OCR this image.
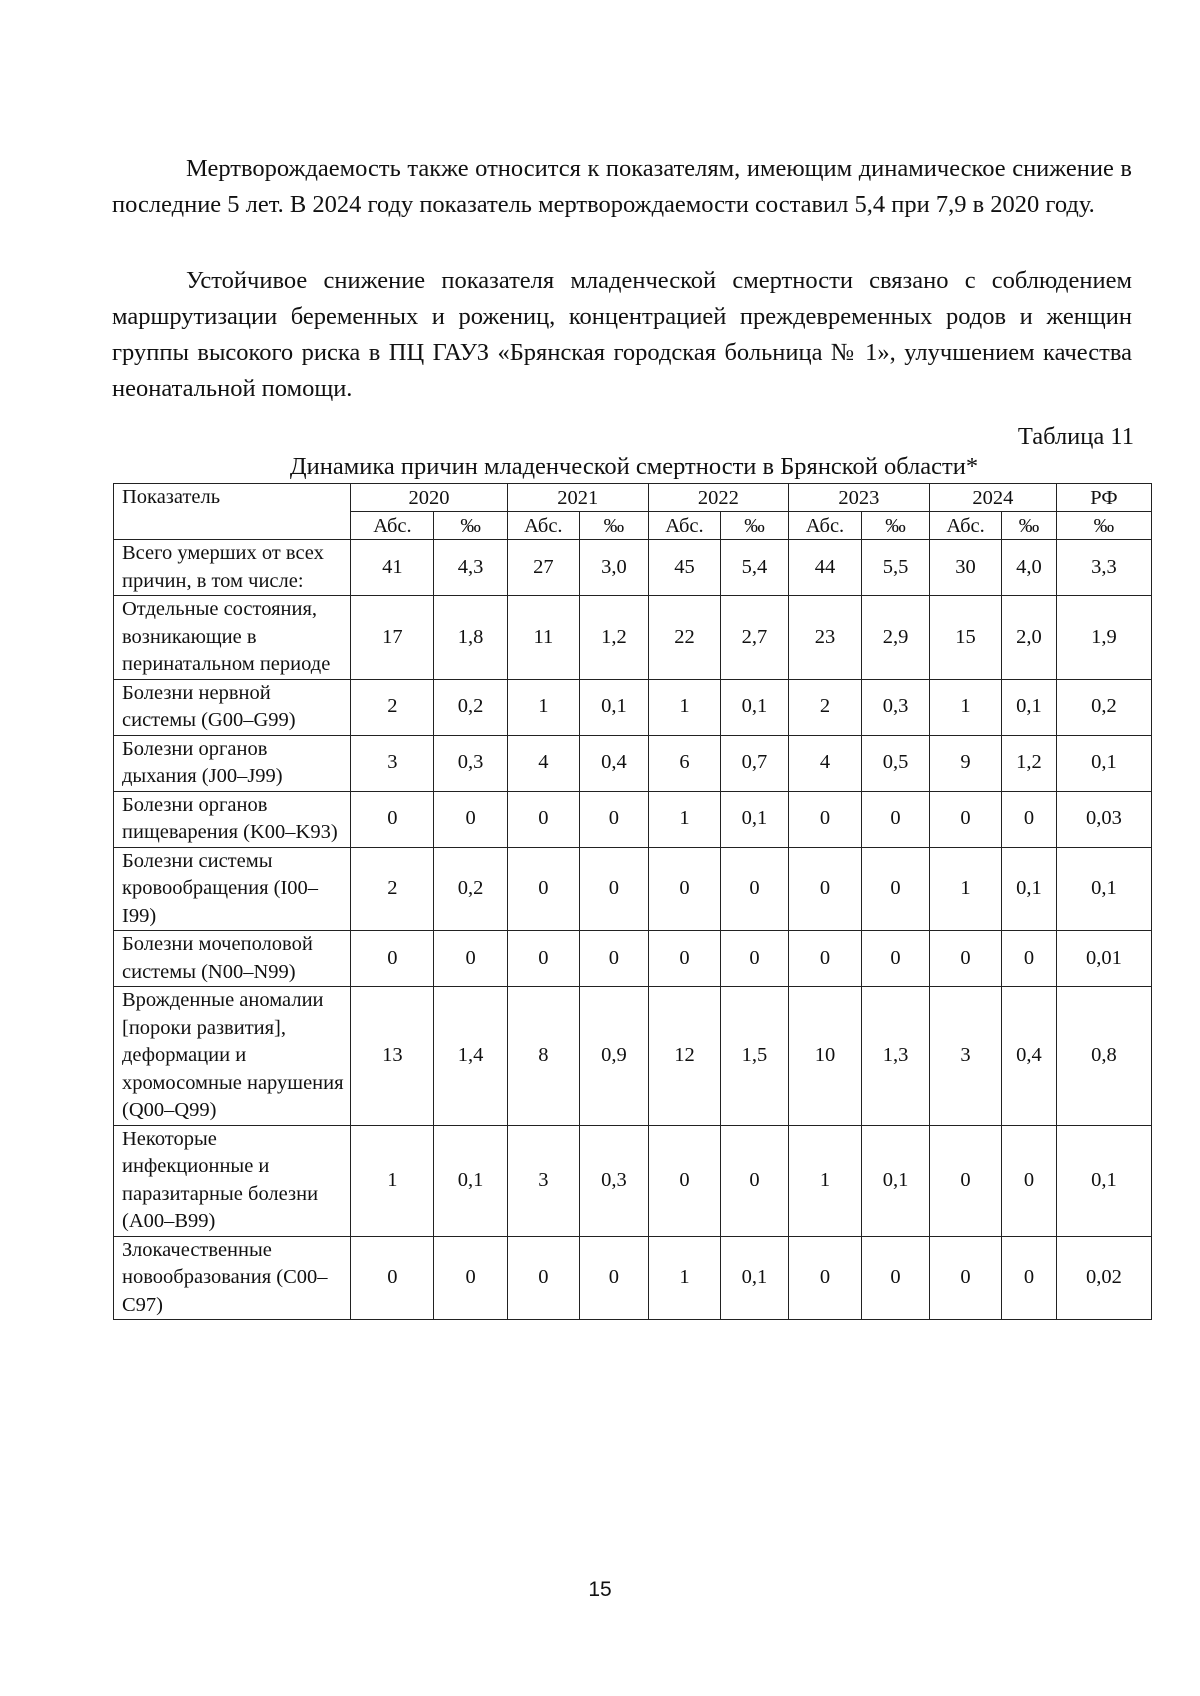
Мертворождаемость также относится к показателям, имеющим динамическое снижение в последние 5 лет. В 2024 году показатель мертворождаемости составил 5,4 при 7,9 в 2020 году.

Устойчивое снижение показателя младенческой смертности связано с соблюдением маршрутизации беременных и рожениц, концентрацией преждевременных родов и женщин группы высокого риска в ПЦ ГАУЗ «Брянская городская больница № 1», улучшением качества неонатальной помощи.

Таблица 11
Динамика причин младенческой смертности в Брянской области*
Показатель	2020		2021		2022		2023		2024		РФ
	Абс.	‰	Абс.	‰	Абс.	‰	Абс.	‰	Абс.	‰	‰
Всего умерших от всех причин, в том числе:	41	4,3	27	3,0	45	5,4	44	5,5	30	4,0	3,3
Отдельные состояния, возникающие в перинатальном периоде	17	1,8	11	1,2	22	2,7	23	2,9	15	2,0	1,9
Болезни нервной системы (G00–G99)	2	0,2	1	0,1	1	0,1	2	0,3	1	0,1	0,2
Болезни органов дыхания (J00–J99)	3	0,3	4	0,4	6	0,7	4	0,5	9	1,2	0,1
Болезни органов пищеварения (K00–K93)	0	0	0	0	1	0,1	0	0	0	0	0,03
Болезни системы кровообращения (I00–I99)	2	0,2	0	0	0	0	0	0	1	0,1	0,1
Болезни мочеполовой системы (N00–N99)	0	0	0	0	0	0	0	0	0	0	0,01
Врожденные аномалии [пороки развития], деформации и хромосомные нарушения (Q00–Q99)	13	1,4	8	0,9	12	1,5	10	1,3	3	0,4	0,8
Некоторые инфекционные и паразитарные болезни (A00–B99)	1	0,1	3	0,3	0	0	1	0,1	0	0	0,1
Злокачественные новообразования (C00–C97)	0	0	0	0	1	0,1	0	0	0	0	0,02
15
